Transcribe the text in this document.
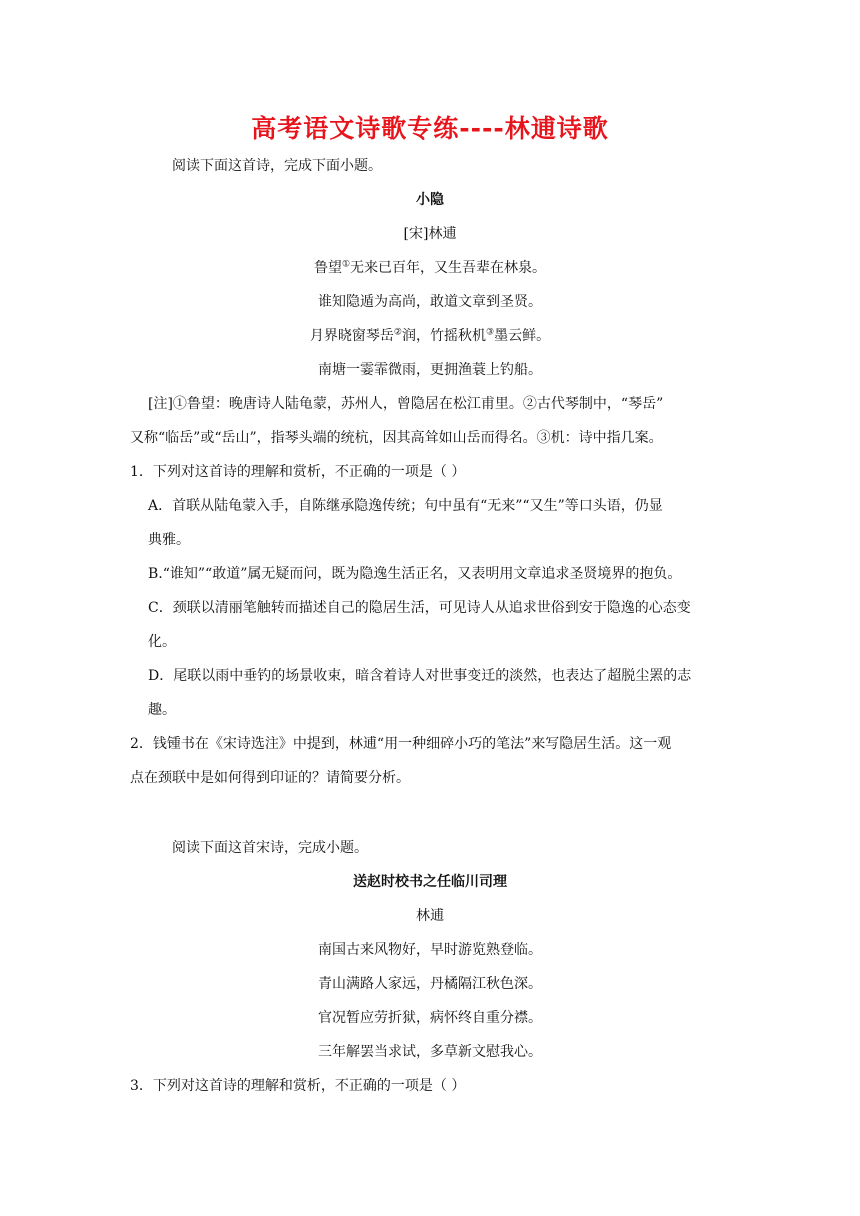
高考语文诗歌专练----林逋诗歌
阅读下面这首诗，完成下面小题。
小隐
[宋]林逋
鲁望①无来已百年，又生吾辈在林泉。
谁知隐遁为高尚，敢道文章到圣贤。
月界晓窗琴岳②润，竹摇秋机③墨云鲜。
南塘一霎霏微雨，更拥渔蓑上钓船。
[注]①鲁望：晚唐诗人陆龟蒙，苏州人，曾隐居在松江甫里。②古代琴制中，“琴岳”
又称“临岳”或“岳山”，指琴头端的统杭，因其高耸如山岳而得名。③机：诗中指几案。
1．下列对这首诗的理解和赏析，不正确的一项是（ ）
A．首联从陆龟蒙入手，自陈继承隐逸传统；句中虽有“无来”“又生”等口头语，仍显
典雅。
B.“谁知”“敢道”属无疑而问，既为隐逸生活正名，又表明用文章追求圣贤境界的抱负。
C．颈联以清丽笔触转而描述自己的隐居生活，可见诗人从追求世俗到安于隐逸的心态变
化。
D．尾联以雨中垂钓的场景收束，暗含着诗人对世事变迁的淡然，也表达了超脱尘罴的志
趣。
2．钱锺书在《宋诗选注》中提到，林逋“用一种细碎小巧的笔法”来写隐居生活。这一观
点在颈联中是如何得到印证的？请简要分析。
阅读下面这首宋诗，完成小题。
送赵时校书之任临川司理
林逋
南国古来风物好，早时游览熟登临。
青山满路人家远，丹橘隔江秋色深。
官况暂应劳折狱，病怀终自重分襟。
三年解罢当求试，多草新文慰我心。
3．下列对这首诗的理解和赏析，不正确的一项是（ ）
